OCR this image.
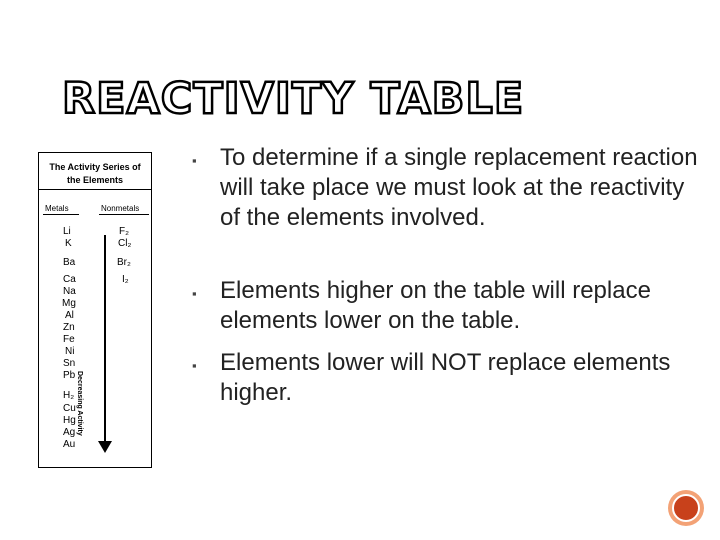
REACTIVITY TABLE
The Activity Series of
the Elements
Metals	Nonmetals
Li
K
Ba
Ca
Na
Mg
Al
Zn
Fe
Ni
Sn
Pb
H₂
Cu
Hg
Ag
Au
F₂
Cl₂
Br₂
I₂
Decreasing Activity
▪ To determine if a single replacement reaction will take place we must look at the reactivity of the elements involved.
▪ Elements higher on the table will replace elements lower on the table.
▪ Elements lower will NOT replace elements higher.
